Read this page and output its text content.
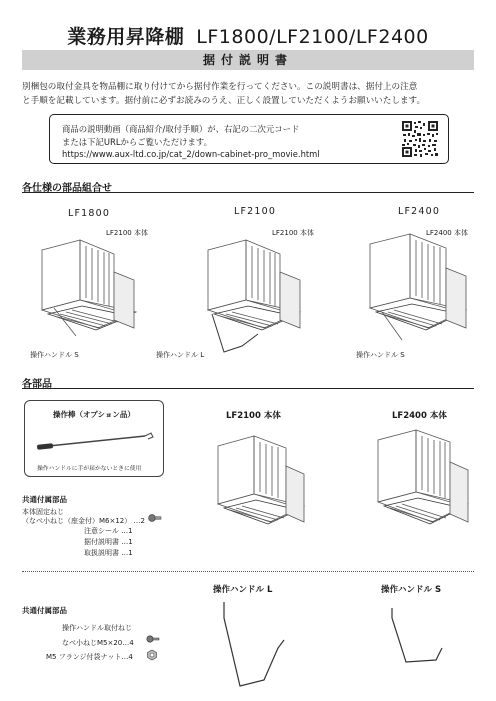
業務用昇降棚 LF1800/LF2100/LF2400
据付説明書
別梱包の取付金具を物品棚に取り付けてから据付作業を行ってください。この説明書は、据付上の注意
と手順を記載しています。据付前に必ずお読みのうえ、正しく設置していただくようお願いいたします。
商品の説明動画（商品紹介/取付手順）が、右記の二次元コード
または下記URLからご覧いただけます。
https://www.aux-ltd.co.jp/cat_2/down-cabinet-pro_movie.html
各仕様の部品組合せ
LF1800	LF2100	LF2400
LF2100 本体	LF2100 本体	LF2400 本体
操作ハンドル S	操作ハンドル L	操作ハンドル S
各部品
操作棒（オプション品）
操作ハンドルに手が届かないときに使用
LF2100 本体	LF2400 本体
共通付属部品
本体固定ねじ
（なべ小ねじ（座金付）M6×12） …2
注意シール …1
据付説明書 …1
取扱説明書 …1
共通付属部品
操作ハンドル取付ねじ
なべ小ねじM5×20…4
M5 フランジ付袋ナット…4
操作ハンドル L	操作ハンドル S
